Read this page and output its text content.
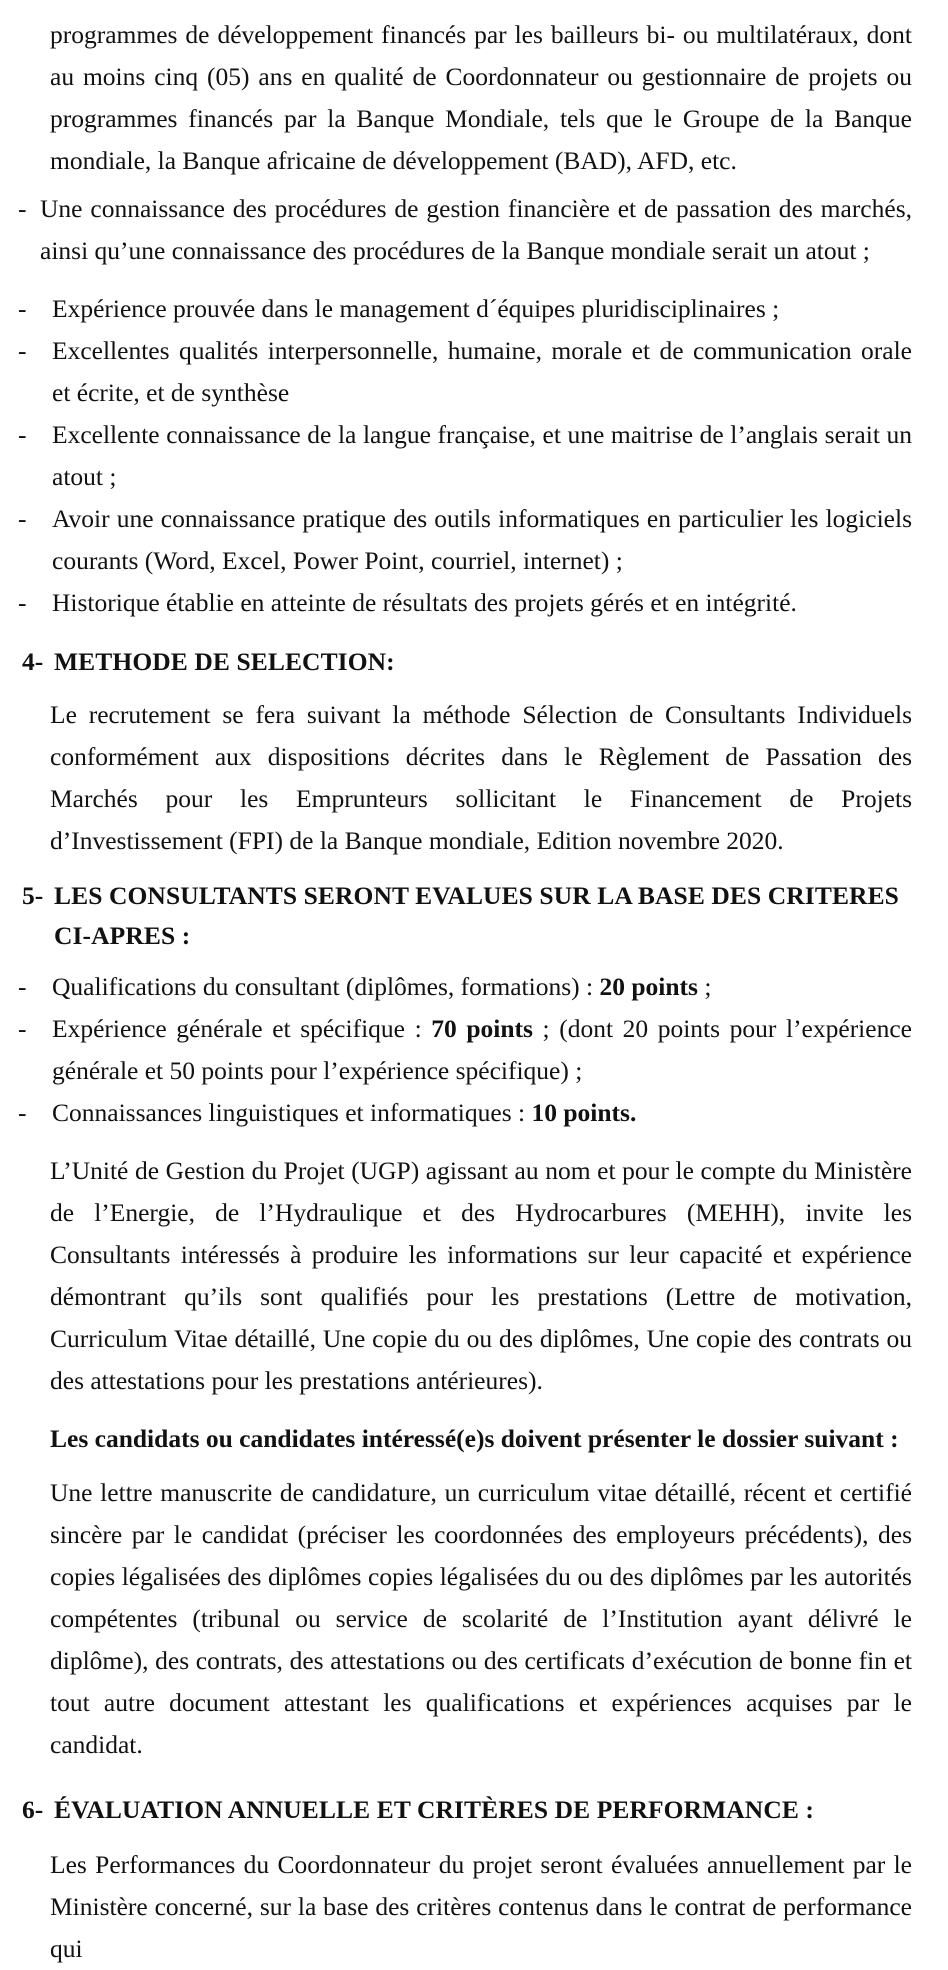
programmes de développement financés par les bailleurs bi- ou multilatéraux, dont au moins cinq (05) ans en qualité de Coordonnateur ou gestionnaire de projets ou programmes financés par la Banque Mondiale, tels que le Groupe de la Banque mondiale, la Banque africaine de développement (BAD), AFD, etc.

- Une connaissance des procédures de gestion financière et de passation des marchés, ainsi qu’une connaissance des procédures de la Banque mondiale serait un atout ;
-	Expérience prouvée dans le management d´équipes pluridisciplinaires ;
-	Excellentes qualités interpersonnelle, humaine, morale et de communication orale et écrite, et de synthèse
-	Excellente connaissance de la langue française, et une maitrise de l’anglais serait un atout ;
-	Avoir une connaissance pratique des outils informatiques en particulier les logiciels courants (Word, Excel, Power Point, courriel, internet) ;
-	Historique établie en atteinte de résultats des projets gérés et en intégrité.
4- METHODE DE SELECTION:

Le recrutement se fera suivant la méthode Sélection de Consultants Individuels conformément aux dispositions décrites dans le Règlement de Passation des Marchés pour les Emprunteurs sollicitant le Financement de Projets d’Investissement (FPI) de la Banque mondiale, Edition novembre 2020.

5- LES CONSULTANTS SERONT EVALUES SUR LA BASE DES CRITERES CI-APRES :
-	Qualifications du consultant (diplômes, formations) : 20 points ;
-	Expérience générale et spécifique : 70 points ; (dont 20 points pour l’expérience générale et 50 points pour l’expérience spécifique) ;
-	Connaissances linguistiques et informatiques : 10 points.

L’Unité de Gestion du Projet (UGP) agissant au nom et pour le compte du Ministère de l’Energie, de l’Hydraulique et des Hydrocarbures (MEHH), invite les Consultants intéressés à produire les informations sur leur capacité et expérience démontrant qu’ils sont qualifiés pour les prestations (Lettre de motivation, Curriculum Vitae détaillé, Une copie du ou des diplômes, Une copie des contrats ou des attestations pour les prestations antérieures).

Les candidats ou candidates intéressé(e)s doivent présenter le dossier suivant :

Une lettre manuscrite de candidature, un curriculum vitae détaillé, récent et certifié sincère par le candidat (préciser les coordonnées des employeurs précédents), des copies légalisées des diplômes copies légalisées du ou des diplômes par les autorités compétentes (tribunal ou service de scolarité de l’Institution ayant délivré le diplôme), des contrats, des attestations ou des certificats d’exécution de bonne fin et tout autre document attestant les qualifications et expériences acquises par le candidat.

6- ÉVALUATION ANNUELLE ET CRITÈRES DE PERFORMANCE :

Les Performances du Coordonnateur du projet seront évaluées annuellement par le Ministère concerné, sur la base des critères contenus dans le contrat de performance qui
